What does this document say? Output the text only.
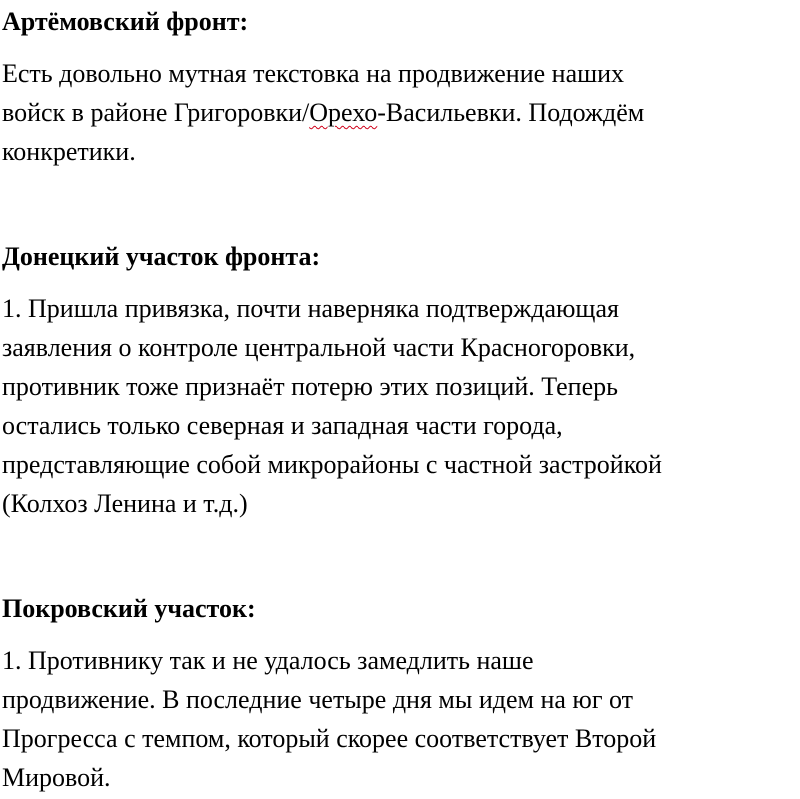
Артёмовский фронт:
Есть довольно мутная текстовка на продвижение наших
войск в районе Григоровки/Орехо-Васильевки. Подождём
конкретики.
Донецкий участок фронта:
1. Пришла привязка, почти наверняка подтверждающая
заявления о контроле центральной части Красногоровки,
противник тоже признаёт потерю этих позиций. Теперь
остались только северная и западная части города,
представляющие собой микрорайоны с частной застройкой
(Колхоз Ленина и т.д.)
Покровский участок:
1. Противнику так и не удалось замедлить наше
продвижение. В последние четыре дня мы идем на юг от
Прогресса с темпом, который скорее соответствует Второй
Мировой.
